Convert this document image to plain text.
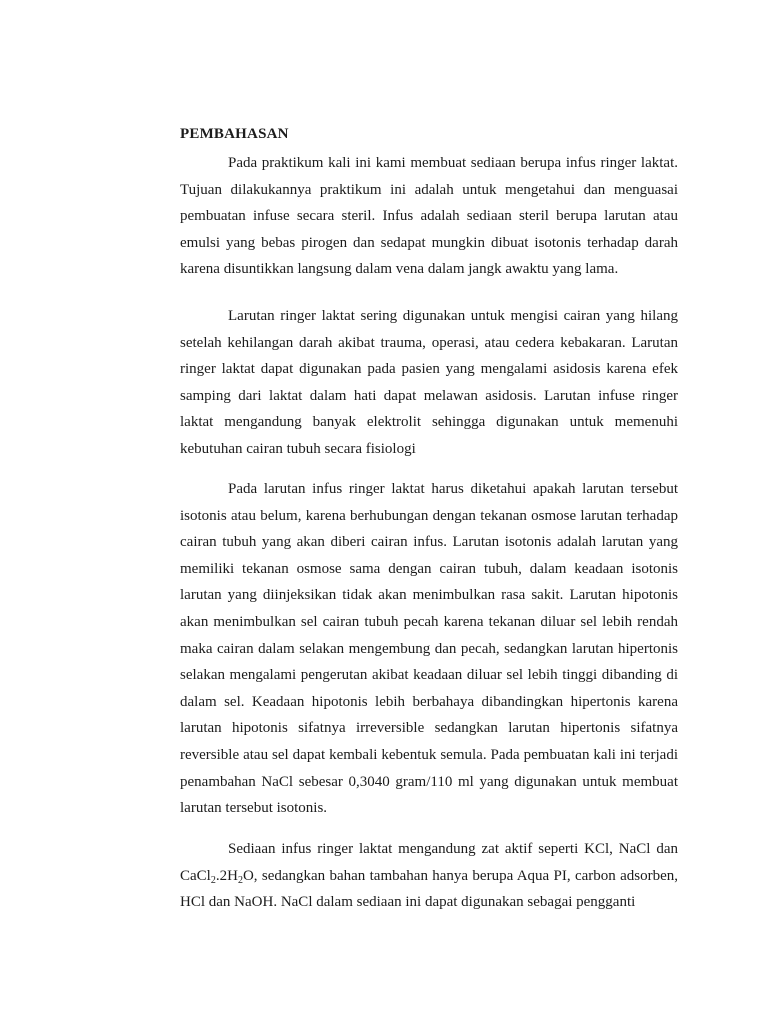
PEMBAHASAN

Pada praktikum kali ini kami membuat sediaan berupa infus ringer laktat. Tujuan dilakukannya praktikum ini adalah untuk mengetahui dan menguasai pembuatan infuse secara steril. Infus adalah sediaan steril berupa larutan atau emulsi yang bebas pirogen dan sedapat mungkin dibuat isotonis terhadap darah karena disuntikkan langsung dalam vena dalam jangk awaktu yang lama.

Larutan ringer laktat sering digunakan untuk mengisi cairan yang hilang setelah kehilangan darah akibat trauma, operasi, atau cedera kebakaran. Larutan ringer laktat dapat digunakan pada pasien yang mengalami asidosis karena efek samping dari laktat dalam hati dapat melawan asidosis. Larutan infuse ringer laktat mengandung banyak elektrolit sehingga digunakan untuk memenuhi kebutuhan cairan tubuh secara fisiologi

Pada larutan infus ringer laktat harus diketahui apakah larutan tersebut isotonis atau belum, karena berhubungan dengan tekanan osmose larutan terhadap cairan tubuh yang akan diberi cairan infus. Larutan isotonis adalah larutan yang memiliki tekanan osmose sama dengan cairan tubuh, dalam keadaan isotonis larutan yang diinjeksikan tidak akan menimbulkan rasa sakit. Larutan hipotonis akan menimbulkan sel cairan tubuh pecah karena tekanan diluar sel lebih rendah maka cairan dalam selakan mengembung dan pecah, sedangkan larutan hipertonis selakan mengalami pengerutan akibat keadaan diluar sel lebih tinggi dibanding di dalam sel. Keadaan hipotonis lebih berbahaya dibandingkan hipertonis karena larutan hipotonis sifatnya irreversible sedangkan larutan hipertonis sifatnya reversible atau sel dapat kembali kebentuk semula. Pada pembuatan kali ini terjadi penambahan NaCl sebesar 0,3040 gram/110 ml yang digunakan untuk membuat larutan tersebut isotonis.

Sediaan infus ringer laktat mengandung zat aktif seperti KCl, NaCl dan $CaCl_2.2H_2O$, sedangkan bahan tambahan hanya berupa Aqua PI, carbon adsorben, HCl dan NaOH. NaCl dalam sediaan ini dapat digunakan sebagai pengganti
